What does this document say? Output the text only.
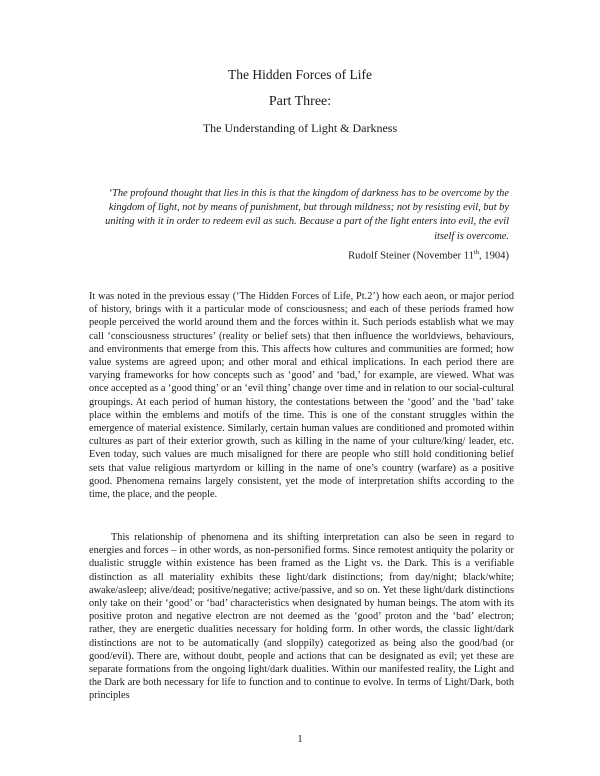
The Hidden Forces of Life
Part Three:
The Understanding of Light & Darkness
‘The profound thought that lies in this is that the kingdom of darkness has to be overcome by the kingdom of light, not by means of punishment, but through mildness; not by resisting evil, but by uniting with it in order to redeem evil as such. Because a part of the light enters into evil, the evil itself is overcome.
Rudolf Steiner (November 11th, 1904)

It was noted in the previous essay (‘The Hidden Forces of Life, Pt.2’) how each aeon, or major period of history, brings with it a particular mode of consciousness; and each of these periods framed how people perceived the world around them and the forces within it. Such periods establish what we may call ‘consciousness structures’ (reality or belief sets) that then influence the worldviews, behaviours, and environments that emerge from this. This affects how cultures and communities are formed; how value systems are agreed upon; and other moral and ethical implications. In each period there are varying frameworks for how concepts such as ‘good’ and ‘bad,’ for example, are viewed. What was once accepted as a ‘good thing’ or an ‘evil thing’ change over time and in relation to our social-cultural groupings. At each period of human history, the contestations between the ‘good’ and the ‘bad’ take place within the emblems and motifs of the time. This is one of the constant struggles within the emergence of material existence. Similarly, certain human values are conditioned and promoted within cultures as part of their exterior growth, such as killing in the name of your culture/king/ leader, etc. Even today, such values are much misaligned for there are people who still hold conditioning belief sets that value religious martyrdom or killing in the name of one’s country (warfare) as a positive good. Phenomena remains largely consistent, yet the mode of interpretation shifts according to the time, the place, and the people.

This relationship of phenomena and its shifting interpretation can also be seen in regard to energies and forces – in other words, as non-personified forms. Since remotest antiquity the polarity or dualistic struggle within existence has been framed as the Light vs. the Dark. This is a verifiable distinction as all materiality exhibits these light/dark distinctions; from day/night; black/white; awake/asleep; alive/dead; positive/negative; active/passive, and so on. Yet these light/dark distinctions only take on their ‘good’ or ‘bad’ characteristics when designated by human beings. The atom with its positive proton and negative electron are not deemed as the ‘good’ proton and the ‘bad’ electron; rather, they are energetic dualities necessary for holding form. In other words, the classic light/dark distinctions are not to be automatically (and sloppily) categorized as being also the good/bad (or good/evil). There are, without doubt, people and actions that can be designated as evil; yet these are separate formations from the ongoing light/dark dualities. Within our manifested reality, the Light and the Dark are both necessary for life to function and to continue to evolve. In terms of Light/Dark, both principles

1
